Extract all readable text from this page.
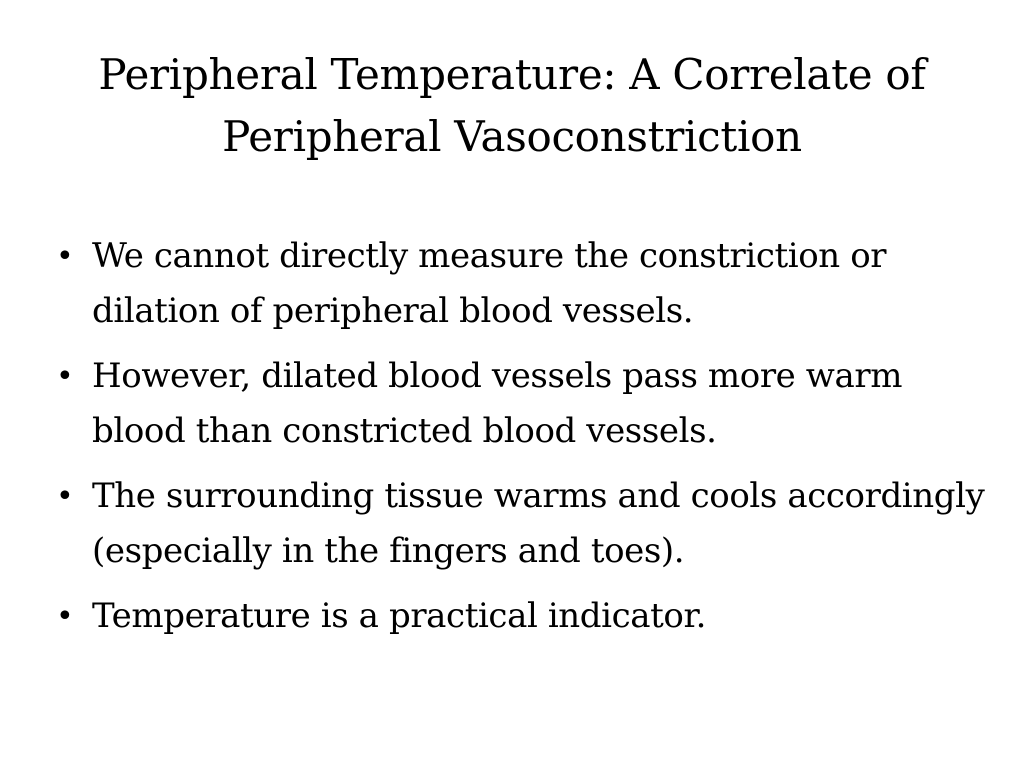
Peripheral Temperature: A Correlate of Peripheral Vasoconstriction
• We cannot directly measure the constriction or dilation of peripheral blood vessels.
• However, dilated blood vessels pass more warm blood than constricted blood vessels.
• The surrounding tissue warms and cools accordingly (especially in the fingers and toes).
• Temperature is a practical indicator.
